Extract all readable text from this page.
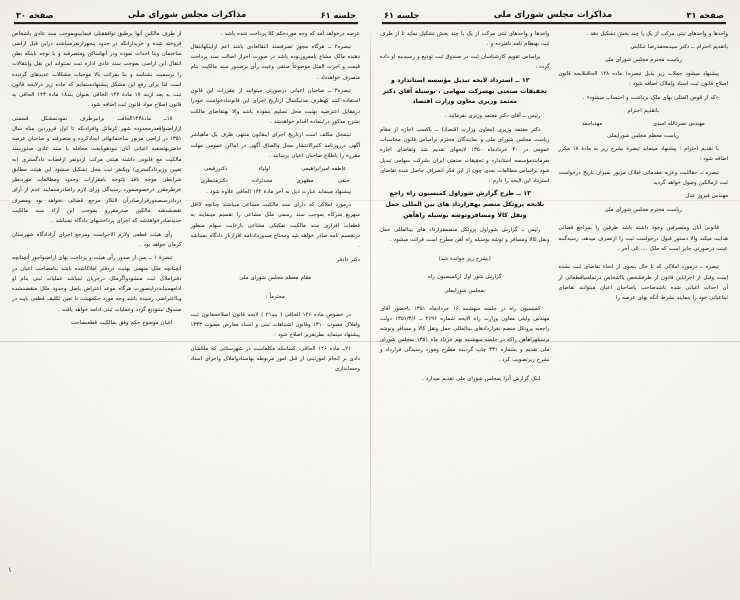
صفحه ۳۱
مذاکرات مجلس شوراى ملى
جلسه ۶۱

واحدها و واحدهاى ثبتى مرکب از یک یا چند بخش تشکیل دهد .

باتقدیم احترام ــ دکتر سیدمحمدرضا تنکابنى

ریاست محترم مجلس شوراى ملى

پیشنهاد میشود جملات زیر بذیل تبصره۱ ماده ۱۲۸ الحاقىلایحه قانون اصلاح قانون ثبت اسناد واملاک اضافه شود :

«که از قوض المثلى بهاى ملک برداشت و احتساب میشود» .

باتقدیم احترام

مهندس نصرتالله اسدى
مهدىاحمد

ریاست معظم مجلس شورایملى

با تقدیم احترام : پیشنهاد مینماید تبصرهٔ بشرح زیر به مادهٔ ۱۸ مکرر اضافه شود :

تبصره ــ حقالثبت وعزیه مقدماتى املاک مزبور بمیزان تاریخ درخواست ثبت ازمالکین وصول خواهد گردید

مهندس فیروز عدل

ریاست محترم مجلس شوراى ملى

قانونى آنان ومتصرفین وجود داشته باشد طرفین را بمراجع قضائى هدایت میکند والا دستور قبول درخواست ثبت را ازتصرف میدهد، رسیدگىبه عینت درصورتى جایز است که ملک .... الى آخر .

تبصره ــ درمورد املاکى که تا حال بنحوى از انحاء تقاضاى ثبت نشده است وقبل از اجرایاین قانون از طرفشخص یااشخاص درتمامىیاقطعاتى از آن احداث اعیانى شده باشدصاحب یاصاحبان اعیان میتوانند تقاضاى ثبتاعیانى خود را بنمایند بشرط آنکه بهاى عرصه را

واحدها و واحدهاى ثبتى مرکب از یک یا چند بخش تشکیل نماید تا از طرف ثبت بهنظام نامه نامبرده و .

براساس تقویم کارشناسان ثبت در صندوق ثبت تودیع و رسیدىبه او داده گردد .

۱۲ ــ استرداد لایحه تبدیل مؤسسه استاندارد و تحقیقات صنعتى بهشرکت سهامى ، بوسیله آقاى دکتر معتمد وزیرى معاون وزارت اقتصاد

رئیس ــ آقاى دکتر معتمد وزیرى بفرمائید .

دکتر معتمد وزیرى (معاون وزارت اقتصاد) ــ باکسب اجازه از مقام ریاست مجلس شوراى ملى و نمایندگان محترم براساس قانون محاسبات عمومى در ۳۰ خردادماه ۱۳۵۰ لایحهاى تقدیم شد وتقاضاى اجاره بفرمایندمؤسسه استاندارد و تحقیقات صنعتى ایران بشرکت سهامى تبدیل شود براساس مطالعات بعدى چون از این فکر انصراف حاصل شده تقاضاى استرداد این لایحه را دارم .

۱۳ ــ طرح گزارش شوراول کمیسیون راه راجع بلایحه پروتکل منضم بهقرارداد هاى بین المللى حمل ونقل کالا ومسافروتوشه بوسیله راهآهن

رئیس ــ گزارش شوراول پروتکل منضمقرارداد هاى بینالمللى حمل ونقل کالا ومسافر و توشه بوسیله راه آهن مطرح است قرائت میشود .

(بشرح زیر خوانده شد)

گزارش شور اول ازکمیسیون راه

بمجلس شورایملى

کمیسیون راه در جلسه سهشنبه ۱۶ خردادماه ۱۳۵۱ باحضور آقاى مهندس ولیئى معاون وزارت راه الایحه شماره ۴۶۹۶ ــ ۱۳۵۱/۳/۶ دولت راجعبه پروتکل منضم بقراردادهاى بینالمللى حمل ونقل کالا و مسافر وتوشه برسیلهراهآهن راکه در جلسه سهشنبه نهم خرداد ماه ۱۳۵۱ بمجلس شوراى ملى تقدیم و بشماره ۳۳۱ چاپ گردیده مطرح ومورد رسیدگى قرارداد و بشرح زیرتصویب کرد .

اینک گزارش آنرا بمجلس شوراى ملى تقدیم میدارد .

جلسه ۶۱
مذاکرات مجلس شوراى ملى
صفحه ۳۰

عرصه درخواهد آمد که وجه موردحکم کلا پرداخت شده باشد .

تبصره۲ ــ هرگاه مجوز تصرفسند انتقالعادى باشد اعم ازاینکهانتقال دهنده مالک مشاع یامفروزبوده باشد در صورت احراز اصالت سند پرداخت قیمت و اجرت المثل موضوعاً منتفى وعیث رأى برصدور سند مالکیت بنام متصرف خواهدداد .

تبصره۳ ــ صاحبان اعیانى درصورتى میتوانند از مقررات این قانون استفاده کنند کهظرف مدتیکسال ازتاریخ اجراى این قانوندادخواست خودرا درمقابل اعترضیه بهثبت محل تسلیم ننموده باشد والا بهتقاضاى مالکت بشرح مذکور دراینماده اقدام خواهدشد .

ثبتمحل مکلف است ازتاریخ اجراى اینقانون منتهى ظرف یک ماهباشر آگهى درروزنامه کثیرالانتشار محل والصاق آگهى در اماکن عمومى مهلت مقرره را باطلاع صاحبان اعیان برسانند .

عاطفه امیرابراهیمى
اولیاء
دکتررفیعى
جنفى
مظهرى
محدثزاده
دکترمنتظرى

پیشنهاد مینماید عبارت ذیل به آخر مادهٔ ۱۴۲ الحاقى علاوه شود .

درمورد املاکى که داراى سند مالکیت مشاعى میباشند چنانچه لااقل سهریع شرکاه بموجب سند رسمى ملک مشاعى را تقسیم مینمایند به قطعات افرازى سند مالکیت تفکیکى مشاعى بارعایت سهام منظور درتقسیم نامه صادر خواهد شد ومحتاج صدوردادنامه افرازىاز دادگاه نمىباشد .

دکتر دادفر

مقام معظم مجلس شوراى ملى

محترماً :

در خصوص ماده ۱۴۶ الحاقى ( بند۲۱ ) لایحه قانون اصلاححقانون ثبت واملاک مصوب ۱۳۱۰ وقانون اشتباهات ثبتى و اسناد معارض مصوب ۱۳۳۳ پیشنهاد مینماید بطریقزیر اصلاح شود :

۲۱ــ ماده ۱۴۶ الحاقى: کسانىکه مکلفاست در شهرستانى که ملکشان دادى بر انجام امورثبتى از قبل امور مربوطه بهاسنادواملاک واجراى اسناد وحسابدارى

از طرف مالکین آنها برطبق توافققبلى فیمابینوبموجب سند عادى باشخاص فروخته شده و خریدارانکه در حدود پنجهزارنفرمىباشند دراین قبل اراضى ساختمان وبنا احداث نموده ودر آنهاساکن ومتصرفند و با توجه باینکه بطن انتقال این اراضى بموجب سند عادى اداره ثبت نمىتواند این نقل وانتقالات را برسمیت بشناسد و بنا بمراتب بالا موجبات مشکلات عدیدهاى گردیده است لذا براى رفع این مشکل پیشنهادمىنمایم که ماده زیر درلایحه قانون ثبت به بعد ازبند ۱۷ مادهٔ ۱۴۲ الحاقى بعنوان بند۱۸ مادهٔ ۱۴۳ الحاقى به قانون اصلاح مواد قانون ثبت اضافه شود .

۱۸ــ مادهٔ۱۴۳الحاقىــ براىبرطرف نمودنمشکل قسمتى ازاراضىواقعدرمحدوده شهر کرمانل وافرادىکه تا اول فروردین مباه سال ۱۳۵۱ در اراضى مزبور ساختمانهائى ایجادکرده و متصرفند و صاحبان عرصه حاضربهتصفیه اعیانى آنان نبودهوبابعث معامله با سند عادى صدورسند مالکیت مع قانونى داشته هیئتى مرکب ازدونفر ازقضات دادگسترى (به تعیین وزیردادگسترى) ویکنفر ثبت محل تشکیل مىشود این هیئت مطابق شرایطى موجه نافذ باتوجه بامقرارات وحدود ومطالعات موردنظر خرطرمقرر درخصوصمورد رسیدگى وراى لازم راصادرمىنمایند عدم از آراى دردادرسىصدورقرارصادرآن لاتکاز مرجع قضائى نخواهد بود ومصرف نقضشدهبه مالکین صدرمقررو بموجب این آراء سند مالکیت جدیدصادرخواهدشد که اجراى پرداختنبهاى دادگاه نمىباشد .

رأى هیئت قطعى ولازم الاجراست ومرجع اجراى آرادادگاه شهرستان کرمان خواهد بود .

تبصرهٔ ۱ ــ پس از صدور رأى هیئت و پرداخت بهاى اراضىواجور آنچنانچه آنچنانچه ملک متهمى بهثبت دردفتر املاکاشده باشد بنامصاحب اعیان در دفتراملاک ثبت مىشودواگرملک درجریان ثبتباشد عملیات ثبتى بنام او ادامهمىیابددراینصورت هرگاه موعد اعتراض باصل وحدود ملک منقضىنشده ویااعتراضى رسیده باشد وجه مورد حکمهیئت تا تعین تکلیف قطعى بایید در صندوق ثبتتودیع گردد وعملیات ثبتى ادامه خواهد یافت .

اعیان موضوع حکم وفق بمالکیت قطعىصاحب

۱
